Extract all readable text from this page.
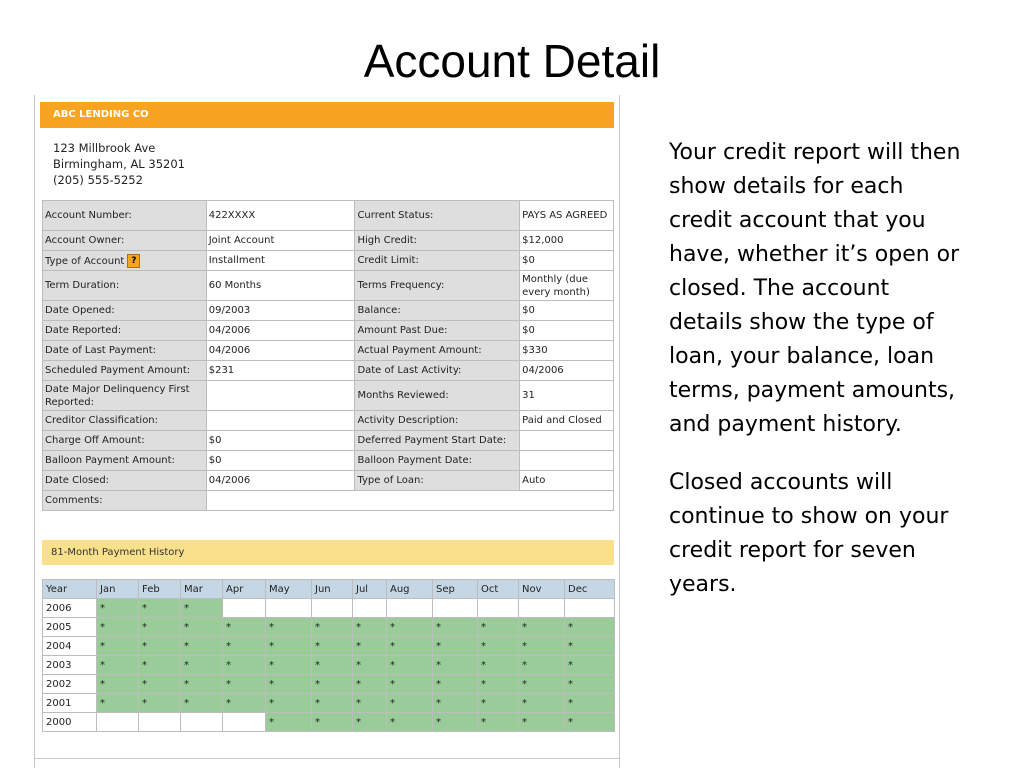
Account Detail
ABC LENDING CO
123 Millbrook Ave
Birmingham, AL 35201
(205) 555-5252
Account Number:	422XXXX	Current Status:	PAYS AS AGREED
Account Owner:	Joint Account	High Credit:	$12,000
Type of Account ?	Installment	Credit Limit:	$0
Term Duration:	60 Months	Terms Frequency:	Monthly (due every month)
Date Opened:	09/2003	Balance:	$0
Date Reported:	04/2006	Amount Past Due:	$0
Date of Last Payment:	04/2006	Actual Payment Amount:	$330
Scheduled Payment Amount:	$231	Date of Last Activity:	04/2006
Date Major Delinquency First Reported:		Months Reviewed:	31
Creditor Classification:		Activity Description:	Paid and Closed
Charge Off Amount:	$0	Deferred Payment Start Date:	
Balloon Payment Amount:	$0	Balloon Payment Date:	
Date Closed:	04/2006	Type of Loan:	Auto
Comments:			
81-Month Payment History
Year	Jan	Feb	Mar	Apr	May	Jun	Jul	Aug	Sep	Oct	Nov	Dec
2006	*	*	*									
2005	*	*	*	*	*	*	*	*	*	*	*	*
2004	*	*	*	*	*	*	*	*	*	*	*	*
2003	*	*	*	*	*	*	*	*	*	*	*	*
2002	*	*	*	*	*	*	*	*	*	*	*	*
2001	*	*	*	*	*	*	*	*	*	*	*	*
2000					*	*	*	*	*	*	*	*

Your credit report will then show details for each credit account that you have, whether it’s open or closed. The account details show the type of loan, your balance, loan terms, payment amounts, and payment history.

Closed accounts will continue to show on your credit report for seven years.
